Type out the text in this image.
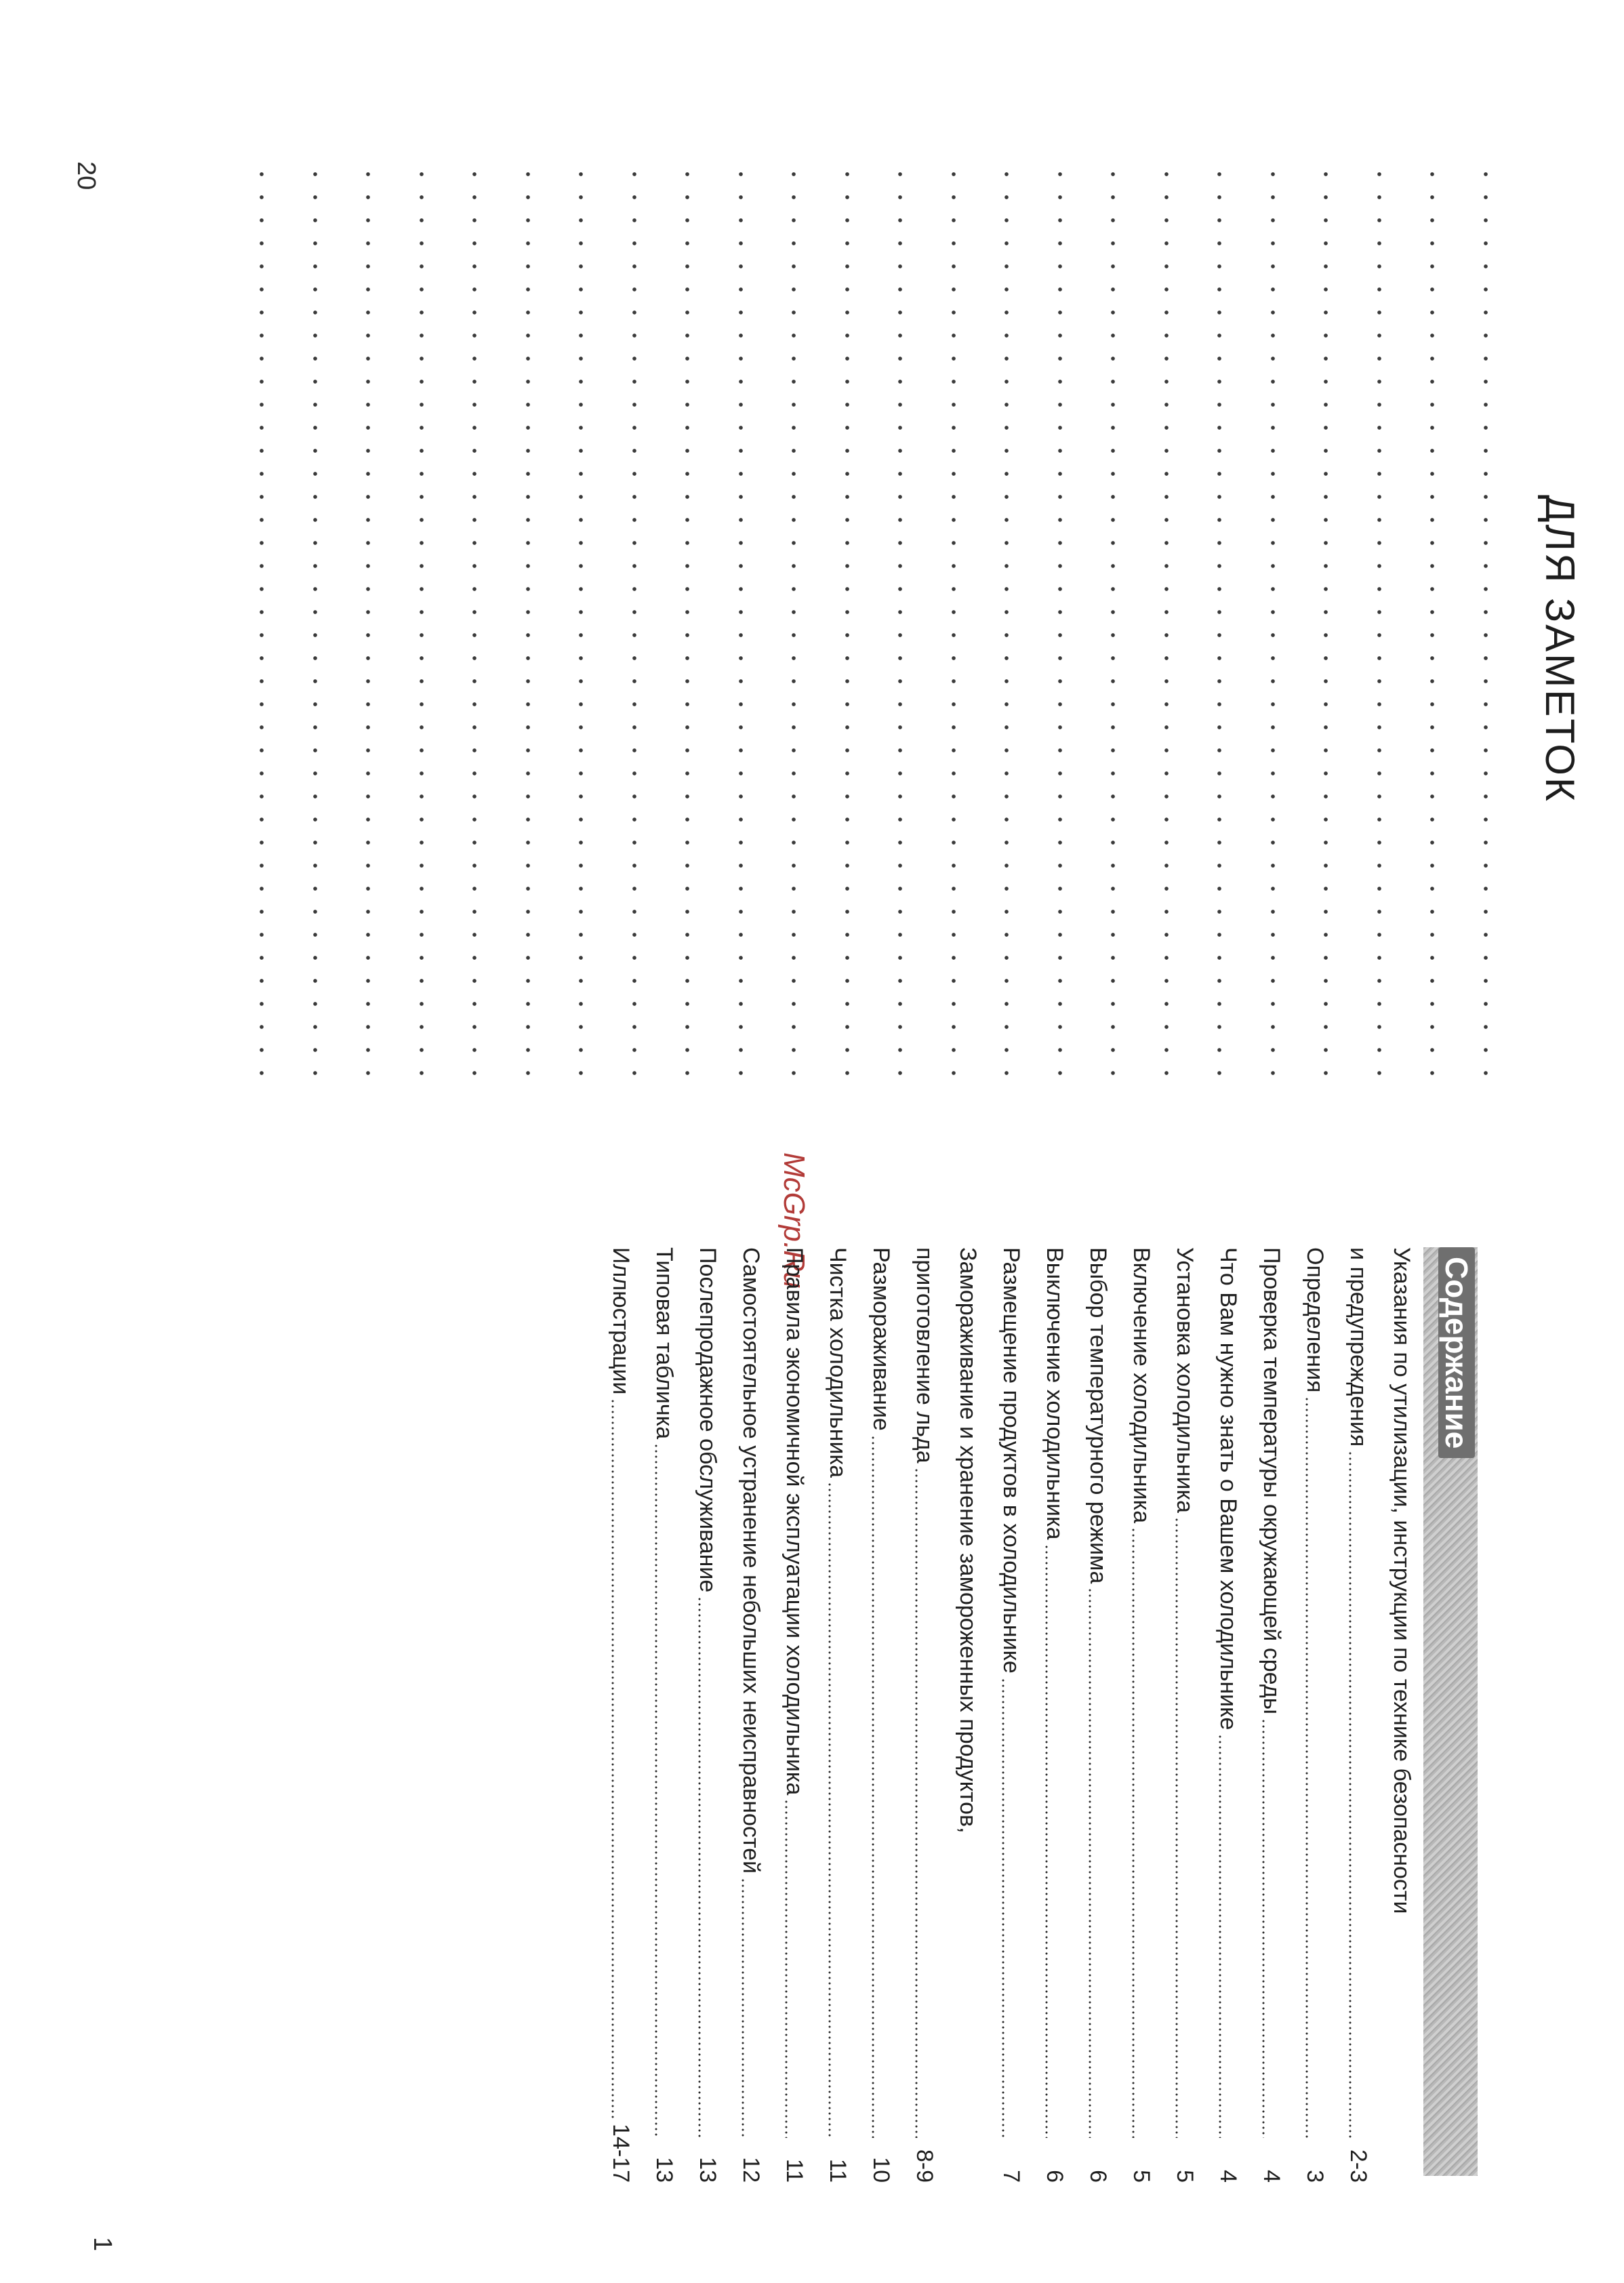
ДЛЯ ЗАМЕТОК
20
McGrp.Ru
Содержание
Указания по утилизации, инструкции по технике безопасности
и предупреждения
2-3
Определения
3
Проверка температуры окружающей среды
4
Что Вам нужно знать о Вашем холодильнике
4
Установка холодильника
5
Включение холодильника
5
Выбор температурного режима
6
Выключение холодильника
6
Размещение продуктов в холодильнике
7
Замораживание и хранение замороженных продуктов,
приготовление льда
8-9
Размораживание
10
Чистка холодильника
11
Правила экономичной эксплуатации холодильника
11
Самостоятельное устранение небольших неисправностей
12
Послепродажное обслуживание
13
Типовая табличка
13
Иллюстрации
14-17
1
